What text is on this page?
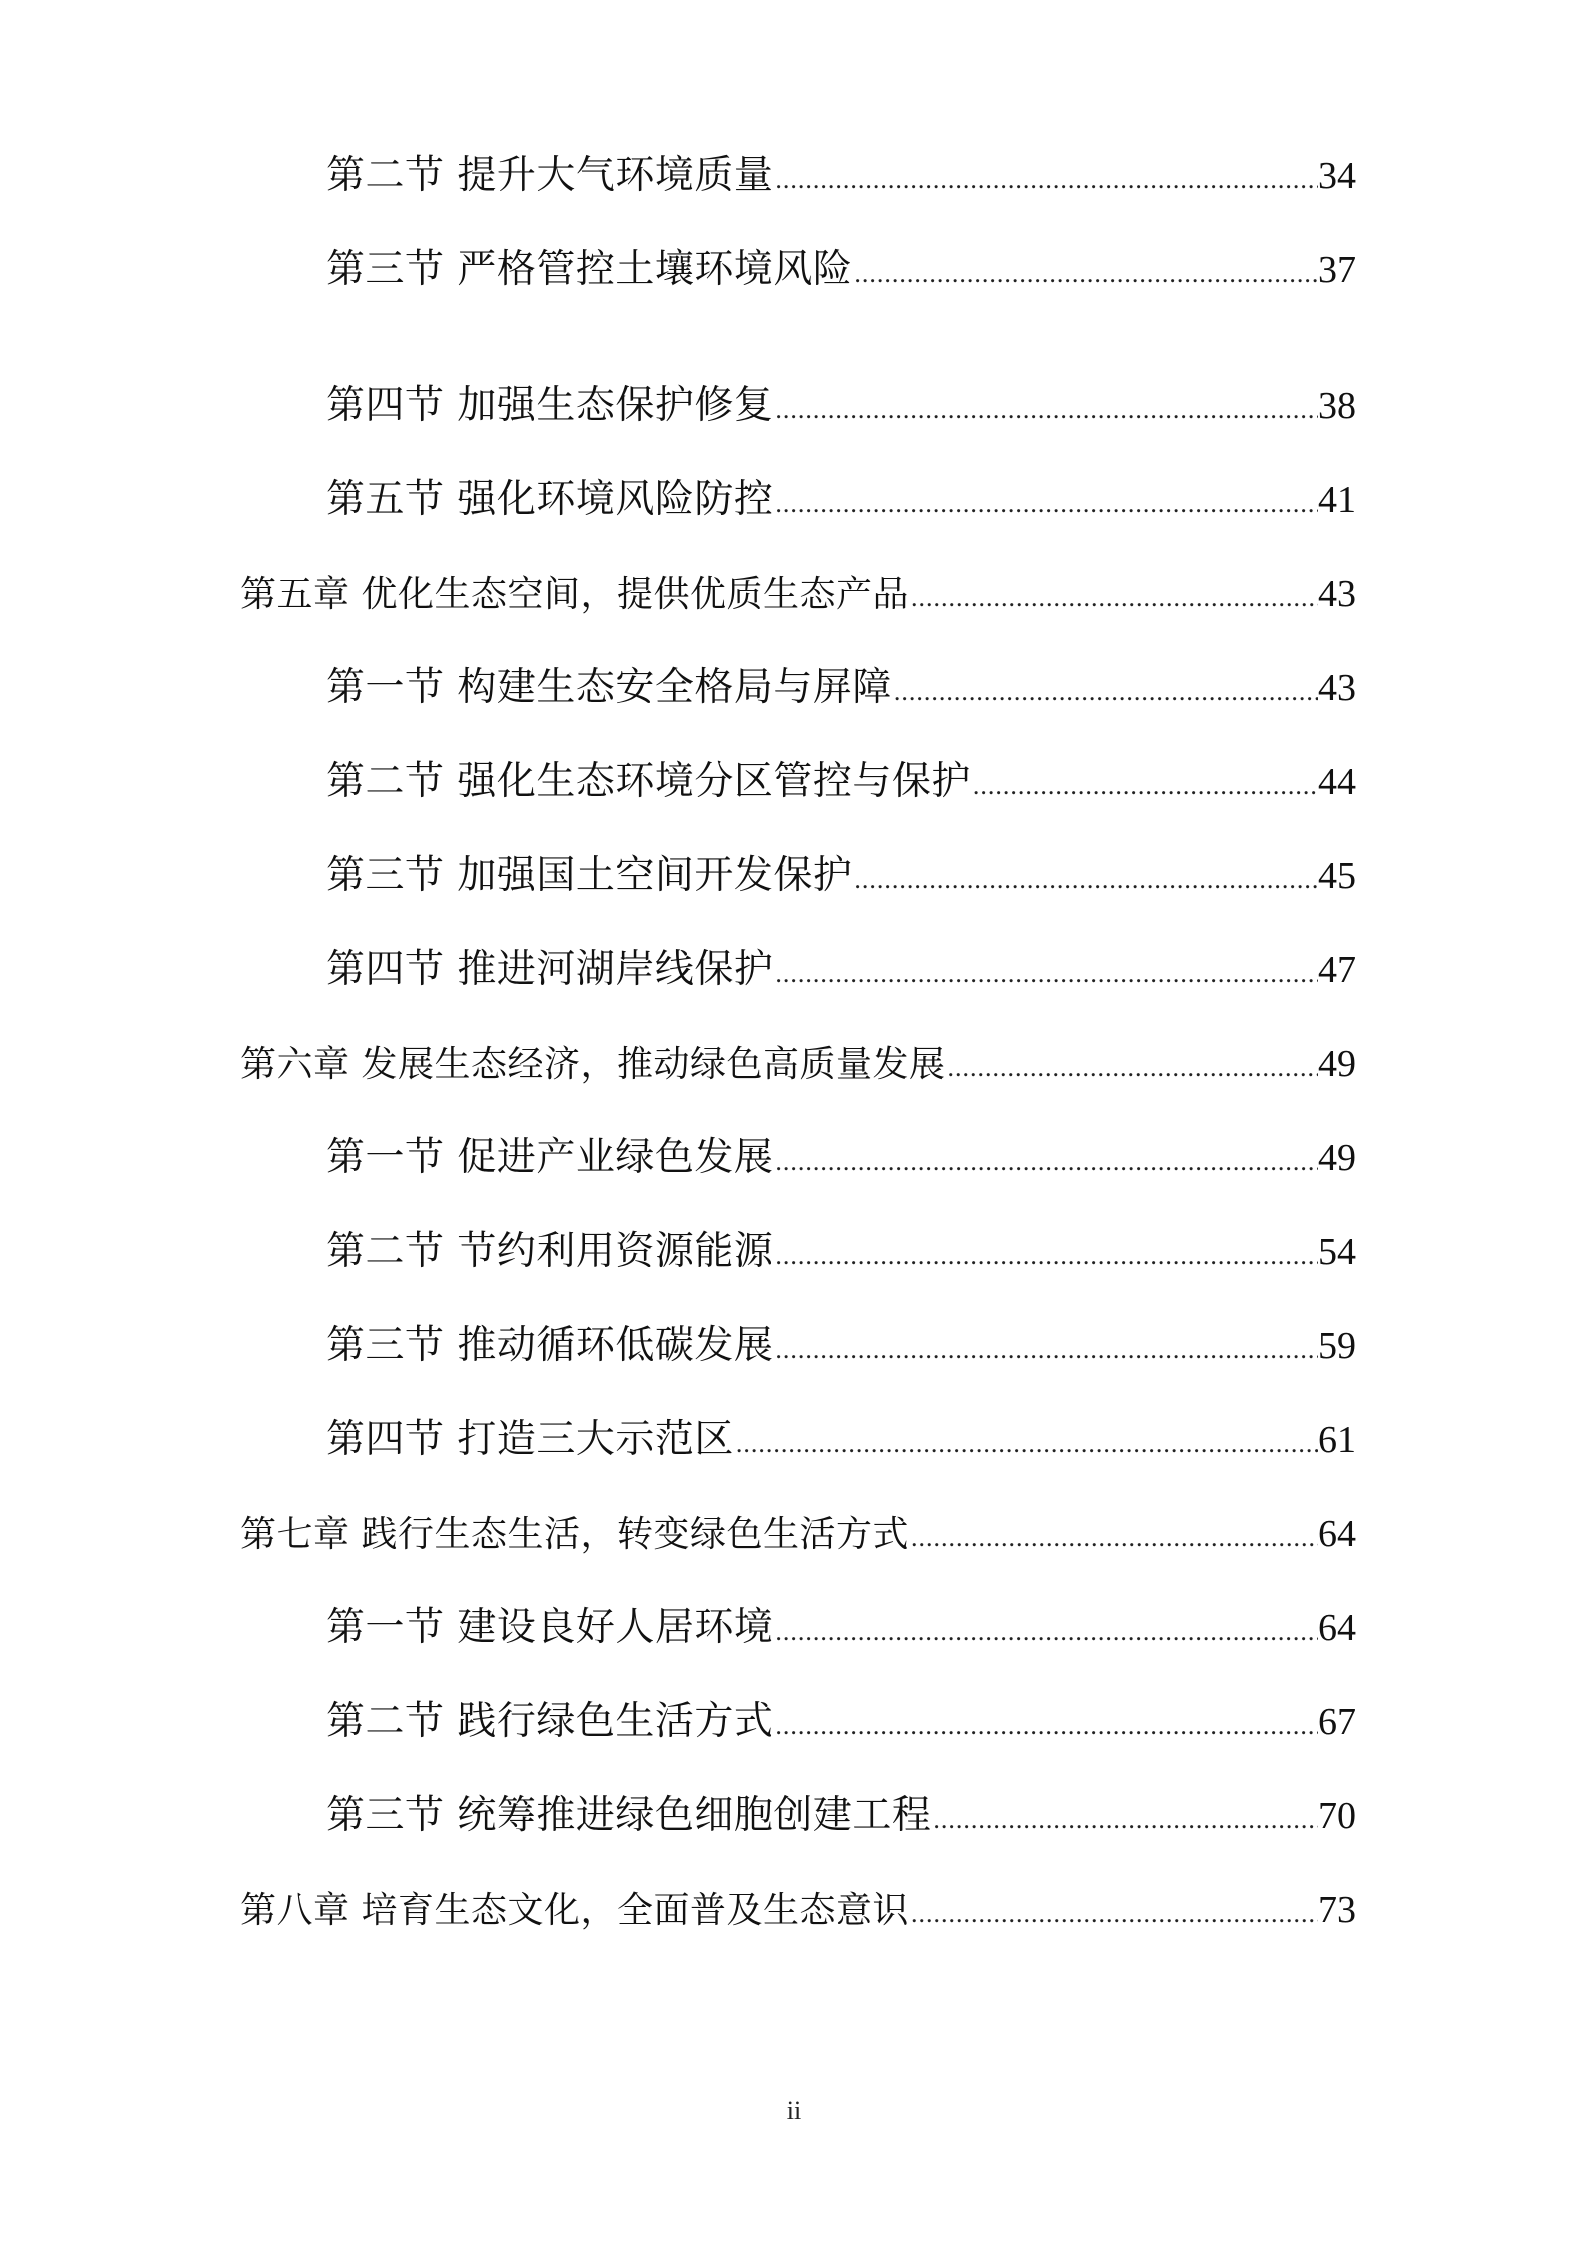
第二节 提升大气环境质量 .....	34
第三节 严格管控土壤环境风险 .....	37
第四节 加强生态保护修复 .....	38
第五节 强化环境风险防控 .....	41
第五章 优化生态空间，提供优质生态产品 .....	43
第一节 构建生态安全格局与屏障 .....	43
第二节 强化生态环境分区管控与保护 .....	44
第三节 加强国土空间开发保护 .....	45
第四节 推进河湖岸线保护 .....	47
第六章 发展生态经济，推动绿色高质量发展 .....	49
第一节 促进产业绿色发展 .....	49
第二节 节约利用资源能源 .....	54
第三节 推动循环低碳发展 .....	59
第四节 打造三大示范区 .....	61
第七章 践行生态生活，转变绿色生活方式 .....	64
第一节 建设良好人居环境 .....	64
第二节 践行绿色生活方式 .....	67
第三节 统筹推进绿色细胞创建工程 .....	70
第八章 培育生态文化，全面普及生态意识 .....	73
ii
